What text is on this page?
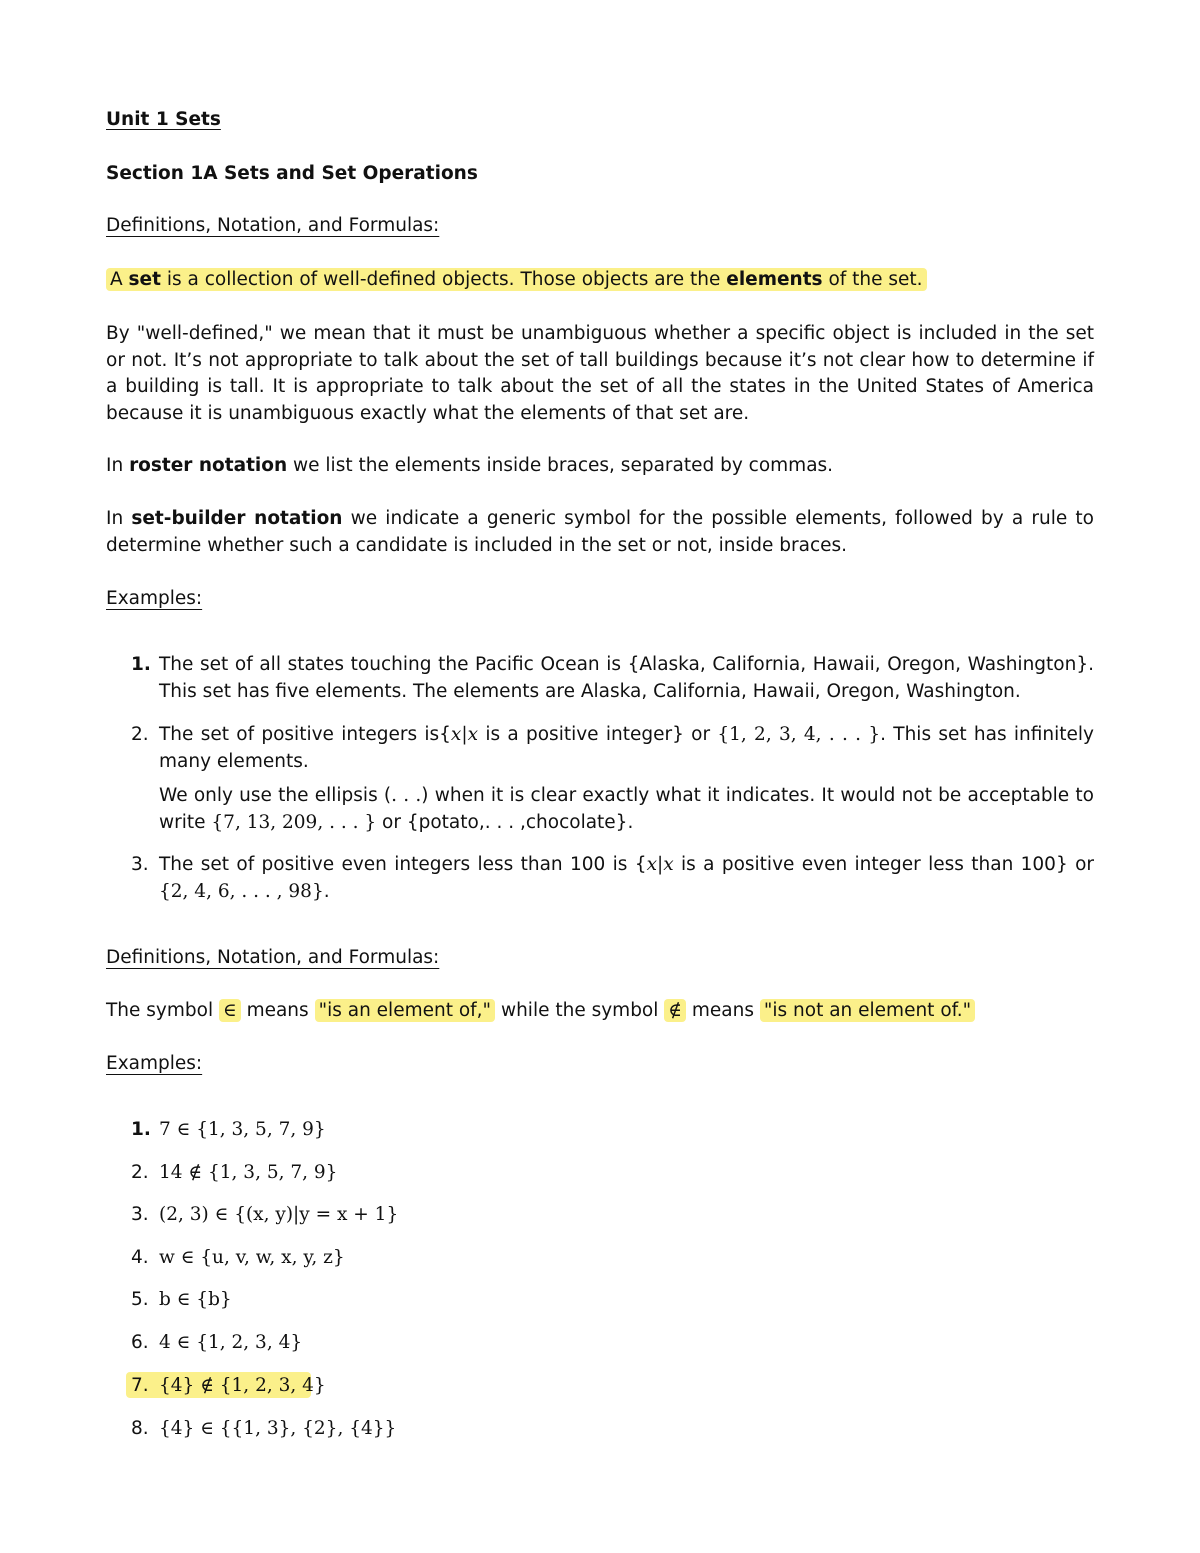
Unit 1 Sets
Section 1A Sets and Set Operations
Definitions, Notation, and Formulas:
A set is a collection of well-defined objects. Those objects are the elements of the set.
By "well-defined," we mean that it must be unambiguous whether a specific object is included in the set or not. It’s not appropriate to talk about the set of tall buildings because it’s not clear how to determine if a building is tall. It is appropriate to talk about the set of all the states in the United States of America because it is unambiguous exactly what the elements of that set are.
In roster notation we list the elements inside braces, separated by commas.
In set-builder notation we indicate a generic symbol for the possible elements, followed by a rule to determine whether such a candidate is included in the set or not, inside braces.
Examples:
1. The set of all states touching the Pacific Ocean is {Alaska, California, Hawaii, Oregon, Washington}. This set has five elements. The elements are Alaska, California, Hawaii, Oregon, Washington.
2. The set of positive integers is{x|x is a positive integer} or {1, 2, 3, 4, . . . }. This set has infinitely many elements.
We only use the ellipsis (. . .) when it is clear exactly what it indicates. It would not be acceptable to write {7, 13, 209, . . . } or {potato,. . . ,chocolate}.
3. The set of positive even integers less than 100 is {x|x is a positive even integer less than 100} or {2, 4, 6, . . . , 98}.
Definitions, Notation, and Formulas:
The symbol ∈ means "is an element of," while the symbol ∉ means "is not an element of."
Examples:
1. 7 ∈ {1, 3, 5, 7, 9}
2. 14 ∉ {1, 3, 5, 7, 9}
3. (2, 3) ∈ {(x, y)|y = x + 1}
4. w ∈ {u, v, w, x, y, z}
5. b ∈ {b}
6. 4 ∈ {1, 2, 3, 4}
7. {4} ∉ {1, 2, 3, 4}
8. {4} ∈ {{1, 3}, {2}, {4}}
